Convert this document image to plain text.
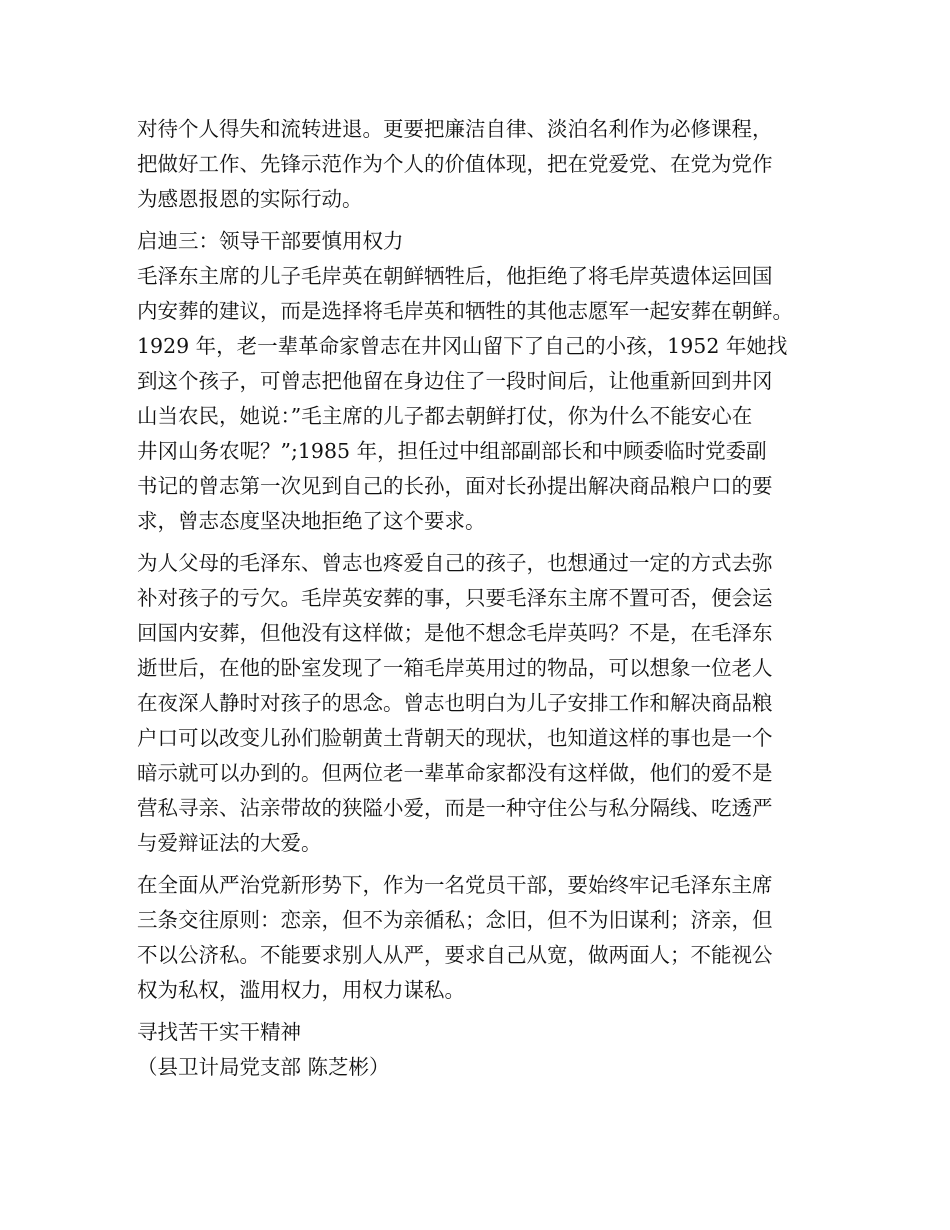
对待个人得失和流转进退。更要把廉洁自律、淡泊名利作为必修课程，
把做好工作、先锋示范作为个人的价值体现，把在党爱党、在党为党作
为感恩报恩的实际行动。
启迪三：领导干部要慎用权力
毛泽东主席的儿子毛岸英在朝鲜牺牲后，他拒绝了将毛岸英遗体运回国
内安葬的建议，而是选择将毛岸英和牺牲的其他志愿军一起安葬在朝鲜。
1929 年，老一辈革命家曾志在井冈山留下了自己的小孩，1952 年她找
到这个孩子，可曾志把他留在身边住了一段时间后，让他重新回到井冈
山当农民，她说：”毛主席的儿子都去朝鲜打仗，你为什么不能安心在
井冈山务农呢？”;1985 年，担任过中组部副部长和中顾委临时党委副
书记的曾志第一次见到自己的长孙，面对长孙提出解决商品粮户口的要
求，曾志态度坚决地拒绝了这个要求。
为人父母的毛泽东、曾志也疼爱自己的孩子，也想通过一定的方式去弥
补对孩子的亏欠。毛岸英安葬的事，只要毛泽东主席不置可否，便会运
回国内安葬，但他没有这样做；是他不想念毛岸英吗？不是，在毛泽东
逝世后，在他的卧室发现了一箱毛岸英用过的物品，可以想象一位老人
在夜深人静时对孩子的思念。曾志也明白为儿子安排工作和解决商品粮
户口可以改变儿孙们脸朝黄土背朝天的现状，也知道这样的事也是一个
暗示就可以办到的。但两位老一辈革命家都没有这样做，他们的爱不是
营私寻亲、沾亲带故的狭隘小爱，而是一种守住公与私分隔线、吃透严
与爱辩证法的大爱。
在全面从严治党新形势下，作为一名党员干部，要始终牢记毛泽东主席
三条交往原则：恋亲，但不为亲循私；念旧，但不为旧谋利；济亲，但
不以公济私。不能要求别人从严，要求自己从宽，做两面人；不能视公
权为私权，滥用权力，用权力谋私。
寻找苦干实干精神
（县卫计局党支部 陈芝彬）
